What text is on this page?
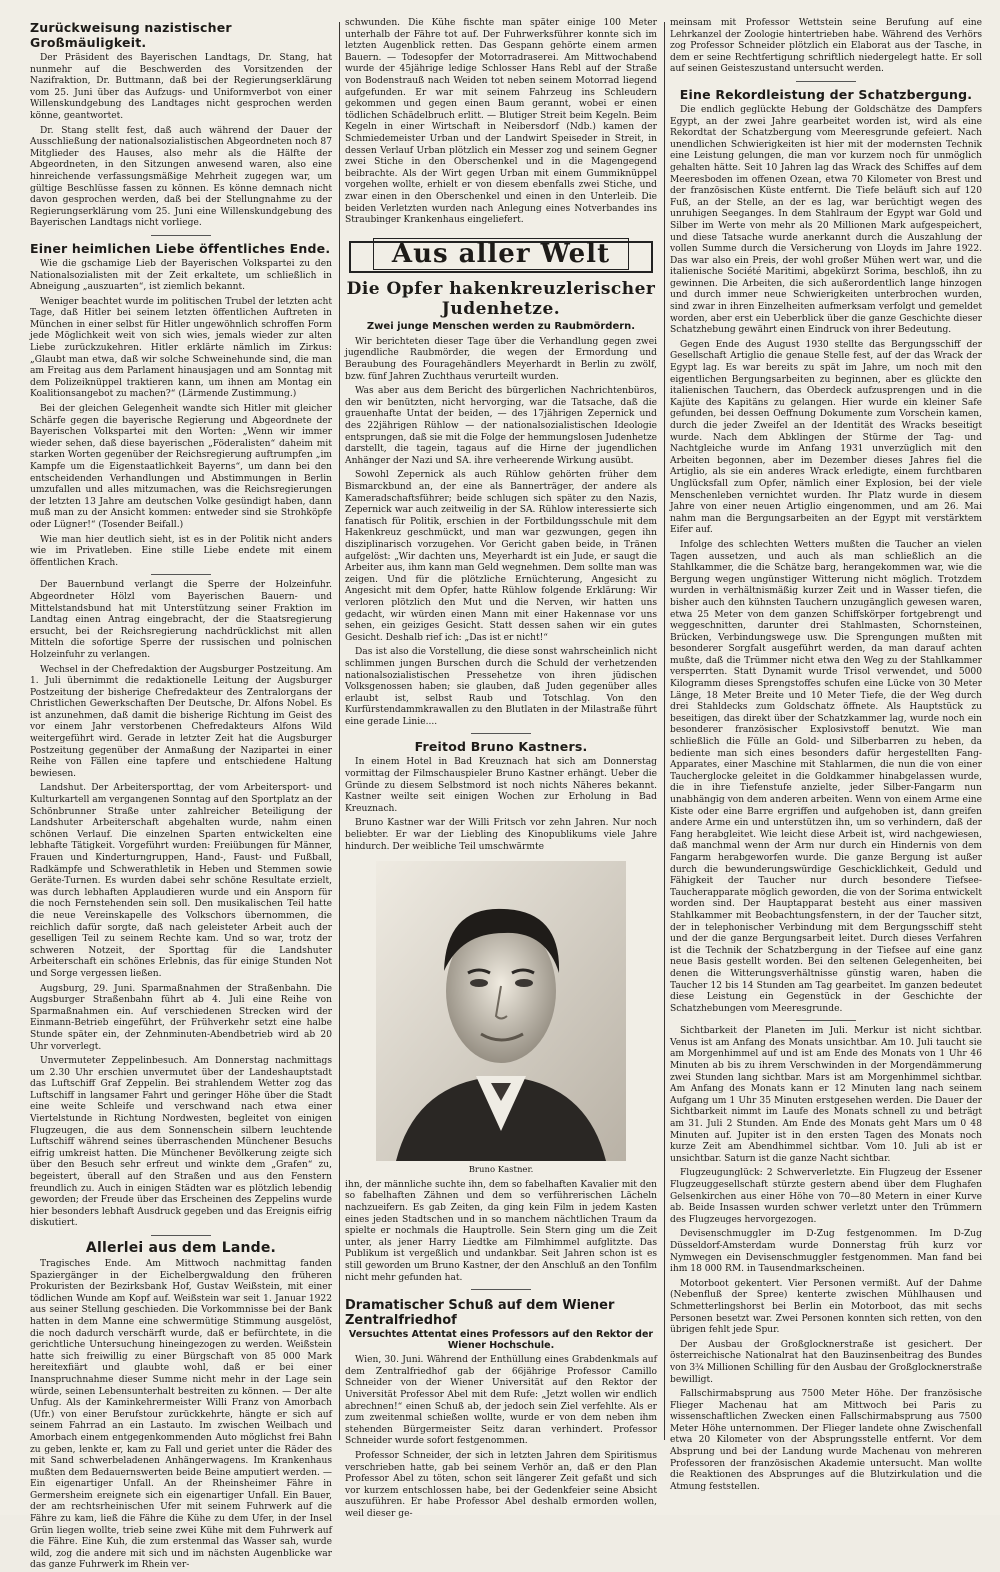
Zurückweisung nazistischer Großmäuligkeit.

Der Präsident des Bayerischen Landtags, Dr. Stang, hat nunmehr auf die Beschwerden des Vorsitzenden der Nazifraktion, Dr. Buttmann, daß bei der Regierungserklärung vom 25. Juni über das Aufzugs- und Uniformverbot von einer Willenskundgebung des Landtages nicht gesprochen werden könne, geantwortet.

Dr. Stang stellt fest, daß auch während der Dauer der Ausschließung der nationalsozialistischen Abgeordneten noch 87 Mitglieder des Hauses, also mehr als die Hälfte der Abgeordneten, in den Sitzungen anwesend waren, also eine hinreichende verfassungsmäßige Mehrheit zugegen war, um gültige Beschlüsse fassen zu können. Es könne demnach nicht davon gesprochen werden, daß bei der Stellungnahme zu der Regierungserklärung vom 25. Juni eine Willenskundgebung des Bayerischen Landtags nicht vorliege.

Einer heimlichen Liebe öffentliches Ende.

Wie die gschamige Lieb der Bayerischen Volkspartei zu den Nationalsozialisten mit der Zeit erkaltete, um schließlich in Abneigung „auszuarten“, ist ziemlich bekannt.

Weniger beachtet wurde im politischen Trubel der letzten acht Tage, daß Hitler bei seinem letzten öffentlichen Auftreten in München in einer selbst für Hitler ungewöhnlich schroffen Form jede Möglichkeit weit von sich wies, jemals wieder zur alten Liebe zurückzukehren. Hitler erklärte nämlich im Zirkus: „Glaubt man etwa, daß wir solche Schweinehunde sind, die man am Freitag aus dem Parlament hinausjagen und am Sonntag mit dem Polizeiknüppel traktieren kann, um ihnen am Montag ein Koalitionsangebot zu machen?“ (Lärmende Zustimmung.)

Bei der gleichen Gelegenheit wandte sich Hitler mit gleicher Schärfe gegen die bayerische Regierung und Abgeordnete der Bayerischen Volkspartei mit den Worten: „Wenn wir immer wieder sehen, daß diese bayerischen „Föderalisten“ daheim mit starken Worten gegenüber der Reichsregierung auftrumpfen „im Kampfe um die Eigenstaatlichkeit Bayerns“, um dann bei den entscheidenden Verhandlungen und Abstimmungen in Berlin umzufallen und alles mitzumachen, was die Reichsregierungen der letzten 13 Jahre am deutschen Volke gesündigt haben, dann muß man zu der Ansicht kommen: entweder sind sie Strohköpfe oder Lügner!“ (Tosender Beifall.)

Wie man hier deutlich sieht, ist es in der Politik nicht anders wie im Privatleben. Eine stille Liebe endete mit einem öffentlichen Krach.

Der Bauernbund verlangt die Sperre der Holzeinfuhr. Abgeordneter Hölzl vom Bayerischen Bauern- und Mittelstandsbund hat mit Unterstützung seiner Fraktion im Landtag einen Antrag eingebracht, der die Staatsregierung ersucht, bei der Reichsregierung nachdrücklichst mit allen Mitteln die sofortige Sperre der russischen und polnischen Holzeinfuhr zu verlangen.

Wechsel in der Chefredaktion der Augsburger Postzeitung. Am 1. Juli übernimmt die redaktionelle Leitung der Augsburger Postzeitung der bisherige Chefredakteur des Zentralorgans der Christlichen Gewerkschaften Der Deutsche, Dr. Alfons Nobel. Es ist anzunehmen, daß damit die bisherige Richtung im Geist des vor einem Jahr verstorbenen Chefredakteurs Alfons Wild weitergeführt wird. Gerade in letzter Zeit hat die Augsburger Postzeitung gegenüber der Anmaßung der Nazipartei in einer Reihe von Fällen eine tapfere und entschiedene Haltung bewiesen.

Landshut. Der Arbeitersporttag, der vom Arbeitersport- und Kulturkartell am vergangenen Sonntag auf den Sportplatz an der Schönbrunner Straße unter zahlreicher Beteiligung der Landshuter Arbeiterschaft abgehalten wurde, nahm einen schönen Verlauf. Die einzelnen Sparten entwickelten eine lebhafte Tätigkeit. Vorgeführt wurden: Freiübungen für Männer, Frauen und Kinderturngruppen, Hand-, Faust- und Fußball, Radkämpfe und Schwerathletik in Heben und Stemmen sowie Geräte-Turnen. Es wurden dabei sehr schöne Resultate erzielt, was durch lebhaften Applaudieren wurde und ein Ansporn für die noch Fernstehenden sein soll. Den musikalischen Teil hatte die neue Vereinskapelle des Volkschors übernommen, die reichlich dafür sorgte, daß nach geleisteter Arbeit auch der geselligen Teil zu seinem Rechte kam. Und so war, trotz der schweren Notzeit, der Sporttag für die Landshuter Arbeiterschaft ein schönes Erlebnis, das für einige Stunden Not und Sorge vergessen ließen.

Augsburg, 29. Juni. Sparmaßnahmen der Straßenbahn. Die Augsburger Straßenbahn führt ab 4. Juli eine Reihe von Sparmaßnahmen ein. Auf verschiedenen Strecken wird der Einmann-Betrieb eingeführt, der Frühverkehr setzt eine halbe Stunde später ein, der Zehnminuten-Abendbetrieb wird ab 20 Uhr vorverlegt.

Unvermuteter Zeppelinbesuch. Am Donnerstag nachmittags um 2.30 Uhr erschien unvermutet über der Landeshauptstadt das Luftschiff Graf Zeppelin. Bei strahlendem Wetter zog das Luftschiff in langsamer Fahrt und geringer Höhe über die Stadt eine weite Schleife und verschwand nach etwa einer Viertelstunde in Richtung Nordwesten, begleitet von einigen Flugzeugen, die aus dem Sonnenschein silbern leuchtende Luftschiff während seines überraschenden Münchener Besuchs eifrig umkreist hatten. Die Münchener Bevölkerung zeigte sich über den Besuch sehr erfreut und winkte dem „Grafen“ zu, begeistert, überall auf den Straßen und aus den Fenstern freundlich zu. Auch in einigen Städten war es plötzlich lebendig geworden; der Freude über das Erscheinen des Zeppelins wurde hier besonders lebhaft Ausdruck gegeben und das Ereignis eifrig diskutiert.

Allerlei aus dem Lande.

Tragisches Ende. Am Mittwoch nachmittag fanden Spaziergänger in der Eichelbergwaldung den früheren Prokuristen der Bezirksbank Hof, Gustav Weißstein, mit einer tödlichen Wunde am Kopf auf. Weißstein war seit 1. Januar 1922 aus seiner Stellung geschieden. Die Vorkommnisse bei der Bank hatten in dem Manne eine schwermütige Stimmung ausgelöst, die noch dadurch verschärft wurde, daß er befürchtete, in die gerichtliche Untersuchung hineingezogen zu werden. Weißstein hatte sich freiwillig zu einer Bürgschaft von 85 000 Mark hereitexfiärt und glaubte wohl, daß er bei einer Inanspruchnahme dieser Summe nicht mehr in der Lage sein würde, seinen Lebensunterhalt bestreiten zu können. — Der alte Unfug. Als der Kaminkehrermeister Willi Franz von Amorbach (Ufr.) von einer Berufstour zurückkehrte, hängte er sich auf seinem Fahrrad an ein Lastauto. Im zwischen Weilbach und Amorbach einem entgegenkommenden Auto möglichst frei Bahn zu geben, lenkte er, kam zu Fall und geriet unter die Räder des mit Sand schwerbeladenen Anhängerwagens. Im Krankenhaus mußten dem Bedauernswerten beide Beine amputiert werden. — Ein eigenartiger Unfall. An der Rheinsheimer Fähre in Germersheim ereignete sich ein eigenartiger Unfall. Ein Bauer, der am rechtsrheinischen Ufer mit seinem Fuhrwerk auf die Fähre zu kam, ließ die Fähre die Kühe zu dem Ufer, in der Insel Grün liegen wollte, trieb seine zwei Kühe mit dem Fuhrwerk auf die Fähre. Eine Kuh, die zum erstenmal das Wasser sah, wurde wild, zog die andere mit sich und im nächsten Augenblicke war das ganze Fuhrwerk im Rhein ver-

schwunden. Die Kühe fischte man später einige 100 Meter unterhalb der Fähre tot auf. Der Fuhrwerksführer konnte sich im letzten Augenblick retten. Das Gespann gehörte einem armen Bauern. — Todesopfer der Motorradraserei. Am Mittwochabend wurde der 45jährige ledige Schlosser Hans Rebl auf der Straße von Bodenstrauß nach Weiden tot neben seinem Motorrad liegend aufgefunden. Er war mit seinem Fahrzeug ins Schleudern gekommen und gegen einen Baum gerannt, wobei er einen tödlichen Schädelbruch erlitt. — Blutiger Streit beim Kegeln. Beim Kegeln in einer Wirtschaft in Neibersdorf (Ndb.) kamen der Schmiedemeister Urban und der Landwirt Speiseder in Streit, in dessen Verlauf Urban plötzlich ein Messer zog und seinem Gegner zwei Stiche in den Oberschenkel und in die Magengegend beibrachte. Als der Wirt gegen Urban mit einem Gummiknüppel vorgehen wollte, erhielt er von diesem ebenfalls zwei Stiche, und zwar einen in den Oberschenkel und einen in den Unterleib. Die beiden Verletzten wurden nach Anlegung eines Notverbandes ins Straubinger Krankenhaus eingeliefert.

Aus aller Welt
Die Opfer hakenkreuzlerischer Judenhetze.
Zwei junge Menschen werden zu Raubmördern.

Wir berichteten dieser Tage über die Verhandlung gegen zwei jugendliche Raubmörder, die wegen der Ermordung und Beraubung des Fouragehändlers Meyerhardt in Berlin zu zwölf, bzw. fünf Jahren Zuchthaus verurteilt wurden.

Was aber aus dem Bericht des bürgerlichen Nachrichtenbüros, den wir benützten, nicht hervorging, war die Tatsache, daß die grauenhafte Untat der beiden, — des 17jährigen Zepernick und des 22jährigen Rühlow — der nationalsozialistischen Ideologie entsprungen, daß sie mit die Folge der hemmungslosen Judenhetze darstellt, die tagein, tagaus auf die Hirne der jugendlichen Anhänger der Nazi und SA. ihre verheerende Wirkung ausübt.

Sowohl Zepernick als auch Rühlow gehörten früher dem Bismarckbund an, der eine als Bannerträger, der andere als Kameradschaftsführer; beide schlugen sich später zu den Nazis, Zepernick war auch zeitweilig in der SA. Rühlow interessierte sich fanatisch für Politik, erschien in der Fortbildungsschule mit dem Hakenkreuz geschmückt, und man war gezwungen, gegen ihn disziplinarisch vorzugehen. Vor Gericht gaben beide, in Tränen aufgelöst: „Wir dachten uns, Meyerhardt ist ein Jude, er saugt die Arbeiter aus, ihm kann man Geld wegnehmen. Dem sollte man was zeigen. Und für die plötzliche Ernüchterung, Angesicht zu Angesicht mit dem Opfer, hatte Rühlow folgende Erklärung: Wir verloren plötzlich den Mut und die Nerven, wir hatten uns gedacht, wir würden einen Mann mit einer Hakennase vor uns sehen, ein geiziges Gesicht. Statt dessen sahen wir ein gutes Gesicht. Deshalb rief ich: „Das ist er nicht!“

Das ist also die Vorstellung, die diese sonst wahrscheinlich nicht schlimmen jungen Burschen durch die Schuld der verhetzenden nationalsozialistischen Pressehetze von ihren jüdischen Volksgenossen haben; sie glauben, daß Juden gegenüber alles erlaubt ist, selbst Raub und Totschlag. Von den Kurfürstendammkrawallen zu den Blutlaten in der Milastraße führt eine gerade Linie....

Freitod Bruno Kastners.

In einem Hotel in Bad Kreuznach hat sich am Donnerstag vormittag der Filmschauspieler Bruno Kastner erhängt. Ueber die Gründe zu diesem Selbstmord ist noch nichts Näheres bekannt. Kastner weilte seit einigen Wochen zur Erholung in Bad Kreuznach.

Bruno Kastner war der Willi Fritsch vor zehn Jahren. Nur noch beliebter. Er war der Liebling des Kinopublikums viele Jahre hindurch. Der weibliche Teil umschwärmte

Bruno Kastner.

ihn, der männliche suchte ihn, dem so fabelhaften Kavalier mit den so fabelhaften Zähnen und dem so verführerischen Lächeln nachzueifern. Es gab Zeiten, da ging kein Film in jedem Kasten eines jeden Stadtschen und in so manchem nächtlichen Traum da spielte er nochmals die Hauptrolle. Sein Stern ging um die Zeit unter, als jener Harry Liedtke am Filmhimmel aufglitzte. Das Publikum ist vergeßlich und undankbar. Seit Jahren schon ist es still geworden um Bruno Kastner, der den Anschluß an den Tonfilm nicht mehr gefunden hat.

Dramatischer Schuß auf dem Wiener Zentralfriedhof
Versuchtes Attentat eines Professors auf den Rektor der Wiener Hochschule.

Wien, 30. Juni. Während der Enthüllung eines Grabdenkmals auf dem Zentralfriedhof gab der 66jährige Professor Camillo Schneider von der Wiener Universität auf den Rektor der Universität Professor Abel mit dem Rufe: „Jetzt wollen wir endlich abrechnen!“ einen Schuß ab, der jedoch sein Ziel verfehlte. Als er zum zweitenmal schießen wollte, wurde er von dem neben ihm stehenden Bürgermeister Seitz daran verhindert. Professor Schneider wurde sofort festgenommen.

Professor Schneider, der sich in letzten Jahren dem Spiritismus verschrieben hatte, gab bei seinem Verhör an, daß er den Plan Professor Abel zu töten, schon seit längerer Zeit gefaßt und sich vor kurzem entschlossen habe, bei der Gedenkfeier seine Absicht auszuführen. Er habe Professor Abel deshalb ermorden wollen, weil dieser ge-

meinsam mit Professor Wettstein seine Berufung auf eine Lehrkanzel der Zoologie hintertrieben habe. Während des Verhörs zog Professor Schneider plötzlich ein Elaborat aus der Tasche, in dem er seine Rechtfertigung schriftlich niedergelegt hatte. Er soll auf seinen Geisteszustand untersucht werden.

Eine Rekordleistung der Schatzbergung.

Die endlich geglückte Hebung der Goldschätze des Dampfers Egypt, an der zwei Jahre gearbeitet worden ist, wird als eine Rekordtat der Schatzbergung vom Meeresgrunde gefeiert. Nach unendlichen Schwierigkeiten ist hier mit der modernsten Technik eine Leistung gelungen, die man vor kurzem noch für unmöglich gehalten hätte. Seit 10 Jahren lag das Wrack des Schiffes auf dem Meeresboden im offenen Ozean, etwa 70 Kilometer von Brest und der französischen Küste entfernt. Die Tiefe beläuft sich auf 120 Fuß, an der Stelle, an der es lag, war berüchtigt wegen des unruhigen Seeganges. In dem Stahlraum der Egypt war Gold und Silber im Werte von mehr als 20 Millionen Mark aufgespeichert, und diese Tatsache wurde anerkannt durch die Auszahlung der vollen Summe durch die Versicherung von Lloyds im Jahre 1922. Das war also ein Preis, der wohl großer Mühen wert war, und die italienische Société Maritimi, abgekürzt Sorima, beschloß, ihn zu gewinnen. Die Arbeiten, die sich außerordentlich lange hinzogen und durch immer neue Schwierigkeiten unterbrochen wurden, sind zwar in ihren Einzelheiten aufmerksam verfolgt und gemeldet worden, aber erst ein Ueberblick über die ganze Geschichte dieser Schatzhebung gewährt einen Eindruck von ihrer Bedeutung.

Gegen Ende des August 1930 stellte das Bergungsschiff der Gesellschaft Artiglio die genaue Stelle fest, auf der das Wrack der Egypt lag. Es war bereits zu spät im Jahre, um noch mit den eigentlichen Bergungsarbeiten zu beginnen, aber es glückte den italienischen Tauchern, das Oberdeck aufzusprengen und in die Kajüte des Kapitäns zu gelangen. Hier wurde ein kleiner Safe gefunden, bei dessen Oeffnung Dokumente zum Vorschein kamen, durch die jeder Zweifel an der Identität des Wracks beseitigt wurde. Nach dem Abklingen der Stürme der Tag- und Nachtgleiche wurde im Anfang 1931 unverzüglich mit den Arbeiten begonnen, aber im Dezember dieses Jahres fiel die Artiglio, als sie ein anderes Wrack erledigte, einem furchtbaren Unglücksfall zum Opfer, nämlich einer Explosion, bei der viele Menschenleben vernichtet wurden. Ihr Platz wurde in diesem Jahre von einer neuen Artiglio eingenommen, und am 26. Mai nahm man die Bergungsarbeiten an der Egypt mit verstärktem Eifer auf.

Infolge des schlechten Wetters mußten die Taucher an vielen Tagen aussetzen, und auch als man schließlich an die Stahlkammer, die die Schätze barg, herangekommen war, wie die Bergung wegen ungünstiger Witterung nicht möglich. Trotzdem wurden in verhältnismäßig kurzer Zeit und in Wasser tiefen, die bisher auch den kühnsten Tauchern unzugänglich gewesen waren, etwa 25 Meter von dem ganzen Schiffskörper fortgebrengt und weggeschnitten, darunter drei Stahlmasten, Schornsteinen, Brücken, Verbindungswege usw. Die Sprengungen mußten mit besonderer Sorgfalt ausgeführt werden, da man darauf achten mußte, daß die Trümmer nicht etwa den Weg zu der Stahlkammer versperrten. Statt Dynamit wurde Trisol verwendet, und 5000 Kilogramm dieses Sprengstoffes schufen eine Lücke von 30 Meter Länge, 18 Meter Breite und 10 Meter Tiefe, die der Weg durch drei Stahldecks zum Goldschatz öffnete. Als Hauptstück zu beseitigen, das direkt über der Schatzkammer lag, wurde noch ein besonderer französischer Explosivstoff benutzt. Wie man schließlich die Fülle an Gold- und Silberbarren zu heben, da bediente man sich eines besonders dafür hergestellten Fang-Apparates, einer Maschine mit Stahlarmen, die nun die von einer Taucherglocke geleitet in die Goldkammer hinabgelassen wurde, die in ihre Tiefenstufe anzielte, jeder Silber-Fangarm nun unabhängig von dem anderen arbeiten. Wenn von einem Arme eine Kiste oder eine Barre ergriffen und aufgehoben ist, dann greifen andere Arme ein und unterstützen ihn, um so verhindern, daß der Fang herabgleitet. Wie leicht diese Arbeit ist, wird nachgewiesen, daß manchmal wenn der Arm nur durch ein Hindernis von dem Fangarm herabgeworfen wurde. Die ganze Bergung ist außer durch die bewunderungswürdige Geschicklichkeit, Geduld und Fähigkeit der Taucher nur durch besondere Tiefsee-Taucherapparate möglich geworden, die von der Sorima entwickelt worden sind. Der Hauptapparat besteht aus einer massiven Stahlkammer mit Beobachtungsfenstern, in der der Taucher sitzt, der in telephonischer Verbindung mit dem Bergungsschiff steht und der die ganze Bergungsarbeit leitet. Durch dieses Verfahren ist die Technik der Schatzbergung in der Tiefsee auf eine ganz neue Basis gestellt worden. Bei den seltenen Gelegenheiten, bei denen die Witterungsverhältnisse günstig waren, haben die Taucher 12 bis 14 Stunden am Tag gearbeitet. Im ganzen bedeutet diese Leistung ein Gegenstück in der Geschichte der Schatzhebungen vom Meeresgrunde.

Sichtbarkeit der Planeten im Juli. Merkur ist nicht sichtbar. Venus ist am Anfang des Monats unsichtbar. Am 10. Juli taucht sie am Morgenhimmel auf und ist am Ende des Monats von 1 Uhr 46 Minuten ab bis zu ihrem Verschwinden in der Morgendämmerung zwei Stunden lang sichtbar. Mars ist am Morgenhimmel sichtbar. Am Anfang des Monats kann er 12 Minuten lang nach seinem Aufgang um 1 Uhr 35 Minuten erstgesehen werden. Die Dauer der Sichtbarkeit nimmt im Laufe des Monats schnell zu und beträgt am 31. Juli 2 Stunden. Am Ende des Monats geht Mars um 0 48 Minuten auf. Jupiter ist in den ersten Tagen des Monats noch kurze Zeit am Abendhimmel sichtbar. Vom 10. Juli ab ist er unsichtbar. Saturn ist die ganze Nacht sichtbar.

Flugzeugunglück: 2 Schwerverletzte. Ein Flugzeug der Essener Flugzeuggesellschaft stürzte gestern abend über dem Flughafen Gelsenkirchen aus einer Höhe von 70—80 Metern in einer Kurve ab. Beide Insassen wurden schwer verletzt unter den Trümmern des Flugzeuges hervorgezogen.

Devisenschmuggler im D-Zug festgenommen. Im D-Zug Düsseldorf-Amsterdam wurde Donnerstag früh kurz vor Nymwegen ein Devisenschmuggler festgenommen. Man fand bei ihm 18 000 RM. in Tausendmarkscheinen.

Motorboot gekentert. Vier Personen vermißt. Auf der Dahme (Nebenfluß der Spree) kenterte zwischen Mühlhausen und Schmetterlingshorst bei Berlin ein Motorboot, das mit sechs Personen besetzt war. Zwei Personen konnten sich retten, von den übrigen fehlt jede Spur.

Der Ausbau der Großglocknerstraße ist gesichert. Der österreichische Nationalrat hat den Bauzinsenbeitrag des Bundes von 3¾ Millionen Schilling für den Ausbau der Großglocknerstraße bewilligt.

Fallschirmabsprung aus 7500 Meter Höhe. Der französische Flieger Machenau hat am Mittwoch bei Paris zu wissenschaftlichen Zwecken einen Fallschirmabsprung aus 7500 Meter Höhe unternommen. Der Flieger landete ohne Zwischenfall etwa 20 Kilometer von der Absprungsstelle entfernt. Vor dem Absprung und bei der Landung wurde Machenau von mehreren Professoren der französischen Akademie untersucht. Man wollte die Reaktionen des Absprunges auf die Blutzirkulation und die Atmung feststellen.
